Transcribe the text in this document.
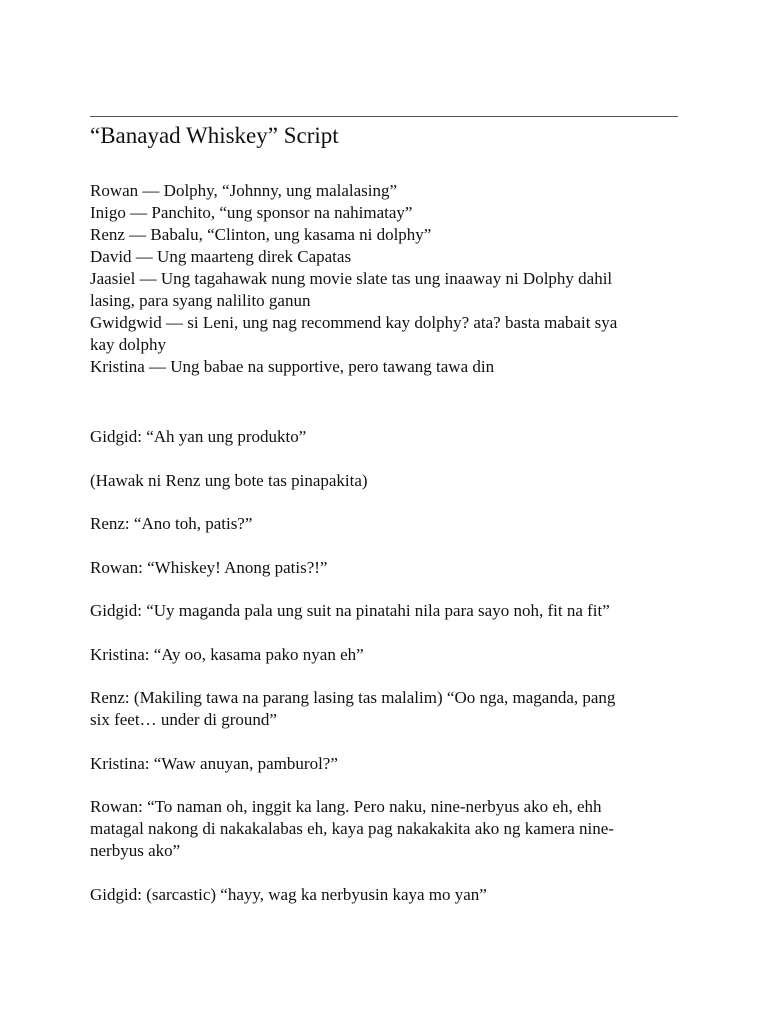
“Banayad Whiskey” Script

Rowan — Dolphy, “Johnny, ung malalasing”

Inigo — Panchito, “ung sponsor na nahimatay”

Renz — Babalu, “Clinton, ung kasama ni dolphy”

David — Ung maarteng direk Capatas

Jaasiel — Ung tagahawak nung movie slate tas ung inaaway ni Dolphy dahil

lasing, para syang nalilito ganun

Gwidgwid — si Leni, ung nag recommend kay dolphy? ata? basta mabait sya

kay dolphy

Kristina — Ung babae na supportive, pero tawang tawa din

Gidgid: “Ah yan ung produkto”

(Hawak ni Renz ung bote tas pinapakita)

Renz: “Ano toh, patis?”

Rowan: “Whiskey! Anong patis?!”

Gidgid: “Uy maganda pala ung suit na pinatahi nila para sayo noh, fit na fit”

Kristina: “Ay oo, kasama pako nyan eh”

Renz: (Makiling tawa na parang lasing tas malalim) “Oo nga, maganda, pang

six feet… under di ground”

Kristina: “Waw anuyan, pamburol?”

Rowan: “To naman oh, inggit ka lang. Pero naku, nine-nerbyus ako eh, ehh

matagal nakong di nakakalabas eh, kaya pag nakakakita ako ng kamera nine-

nerbyus ako”

Gidgid: (sarcastic) “hayy, wag ka nerbyusin kaya mo yan”
